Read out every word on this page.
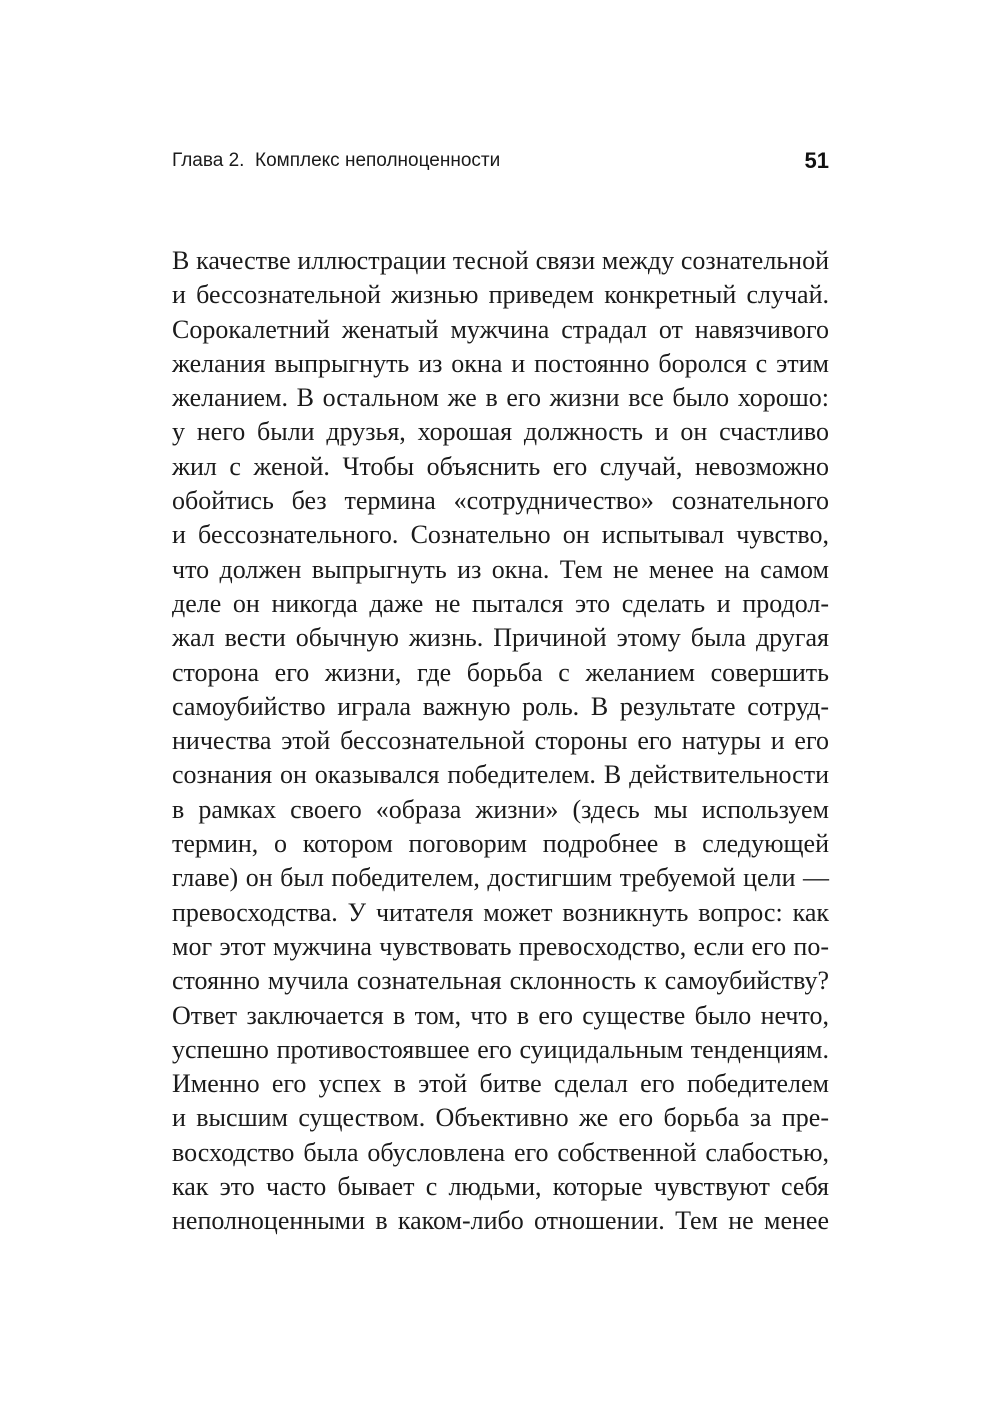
Глава 2.  Комплекс неполноценности	51
В качестве иллюстрации тесной связи между сознательной
и бессознательной жизнью приведем конкретный случай.
Сорокалетний женатый мужчина страдал от навязчивого
желания выпрыгнуть из окна и постоянно боролся с этим
желанием. В остальном же в его жизни все было хорошо:
у него были друзья, хорошая должность и он счастливо
жил с женой. Чтобы объяснить его случай, невозможно
обойтись без термина «сотрудничество» сознательного
и бессознательного. Сознательно он испытывал чувство,
что должен выпрыгнуть из окна. Тем не менее на самом
деле он никогда даже не пытался это сделать и продол-
жал вести обычную жизнь. Причиной этому была другая
сторона его жизни, где борьба с желанием совершить
самоубийство играла важную роль. В результате сотруд-
ничества этой бессознательной стороны его натуры и его
сознания он оказывался победителем. В действительности
в рамках своего «образа жизни» (здесь мы используем
термин, о котором поговорим подробнее в следующей
главе) он был победителем, достигшим требуемой цели —
превосходства. У читателя может возникнуть вопрос: как
мог этот мужчина чувствовать превосходство, если его по-
стоянно мучила сознательная склонность к самоубийству?
Ответ заключается в том, что в его существе было нечто,
успешно противостоявшее его суицидальным тенденциям.
Именно его успех в этой битве сделал его победителем
и высшим существом. Объективно же его борьба за пре-
восходство была обусловлена его собственной слабостью,
как это часто бывает с людьми, которые чувствуют себя
неполноценными в каком-либо отношении. Тем не менее
